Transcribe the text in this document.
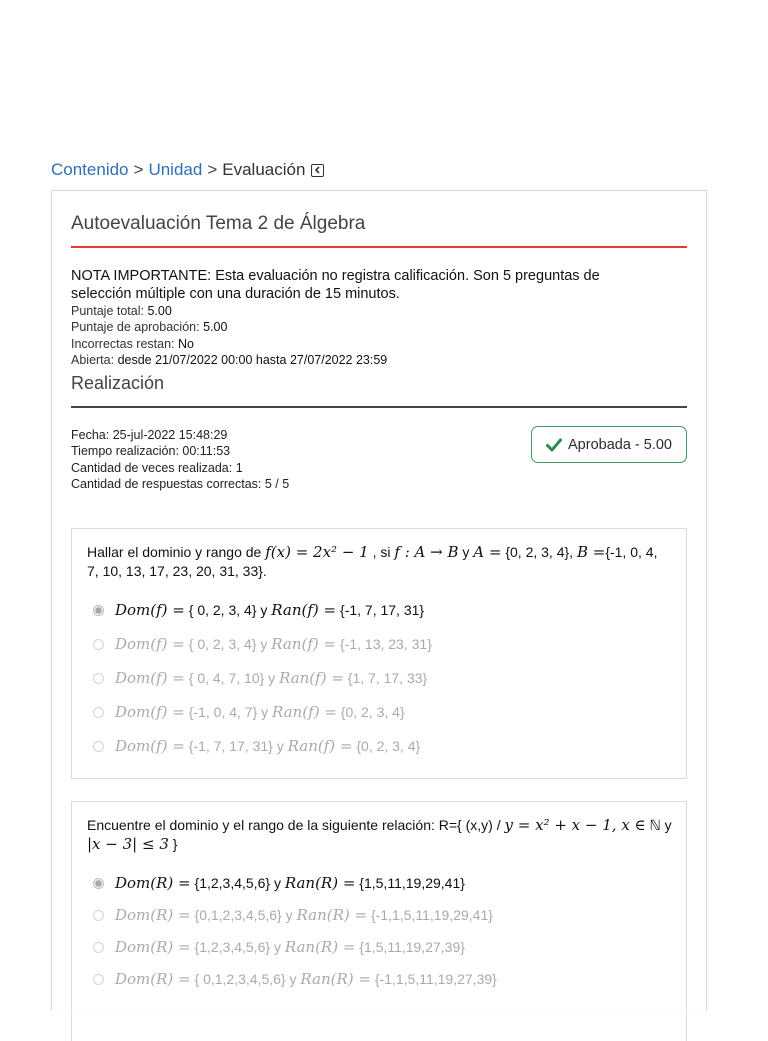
Contenido > Unidad > Evaluación
Autoevaluación Tema 2 de Álgebra
NOTA IMPORTANTE: Esta evaluación no registra calificación. Son 5 preguntas de selección múltiple con una duración de 15 minutos.
Puntaje total: 5.00
Puntaje de aprobación: 5.00
Incorrectas restan: No
Abierta: desde 21/07/2022 00:00 hasta 27/07/2022 23:59
Realización
Fecha: 25-jul-2022 15:48:29
Tiempo realización: 00:11:53
Cantidad de veces realizada: 1
Cantidad de respuestas correctas: 5 / 5
Aprobada - 5.00
Hallar el dominio y rango de f(x) = 2x² − 1 , si f : A → B y A = {0, 2, 3, 4}, B ={-1, 0, 4, 7, 10, 13, 17, 23, 20, 31, 33}.
Dom(f) =
{ 0, 2, 3, 4}
y
Ran(f) =
{-1, 7, 17, 31}
Dom(f) =
{ 0, 2, 3, 4}
y
Ran(f) =
{-1, 13, 23, 31}
Dom(f) =
{ 0, 4, 7, 10}
y
Ran(f) =
{1, 7, 17, 33}
Dom(f) =
{-1, 0, 4, 7}
y
Ran(f) =
{0, 2, 3, 4}
Dom(f) =
{-1, 7, 17, 31}
y
Ran(f) =
{0, 2, 3, 4}
Encuentre el dominio y el rango de la siguiente relación: R={ (x,y) / y = x² + x − 1, x ∈ ℕ y |x − 3| ≤ 3 }
Dom(R) =
{1,2,3,4,5,6}
y
Ran(R) =
{1,5,11,19,29,41}
Dom(R) =
{0,1,2,3,4,5,6}
y
Ran(R) =
{-1,1,5,11,19,29,41}
Dom(R) =
{1,2,3,4,5,6}
y
Ran(R) =
{1,5,11,19,27,39}
Dom(R) =
{ 0,1,2,3,4,5,6}
y
Ran(R) =
{-1,1,5,11,19,27,39}
